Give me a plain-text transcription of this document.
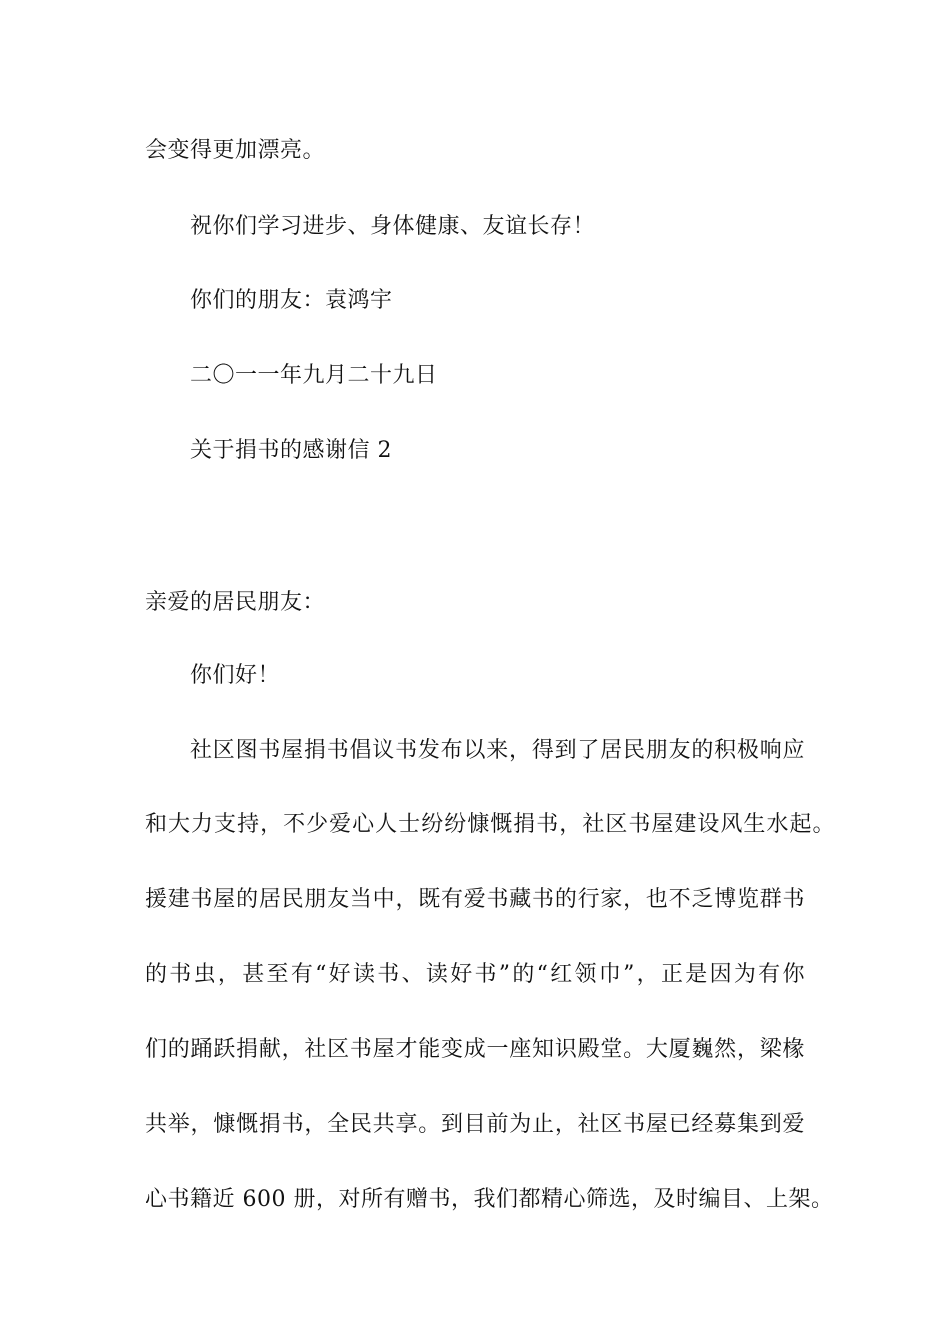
会变得更加漂亮。

祝你们学习进步、身体健康、友谊长存！

你们的朋友：袁鸿宇

二〇一一年九月二十九日

关于捐书的感谢信 2

亲爱的居民朋友：

你们好！

社区图书屋捐书倡议书发布以来，得到了居民朋友的积极响应

和大力支持，不少爱心人士纷纷慷慨捐书，社区书屋建设风生水起。

援建书屋的居民朋友当中，既有爱书藏书的行家，也不乏博览群书

的书虫，甚至有“好读书、读好书”的“红领巾”，正是因为有你

们的踊跃捐献，社区书屋才能变成一座知识殿堂。大厦巍然，梁椽

共举，慷慨捐书，全民共享。到目前为止，社区书屋已经募集到爱

心书籍近 600 册，对所有赠书，我们都精心筛选，及时编目、上架。
